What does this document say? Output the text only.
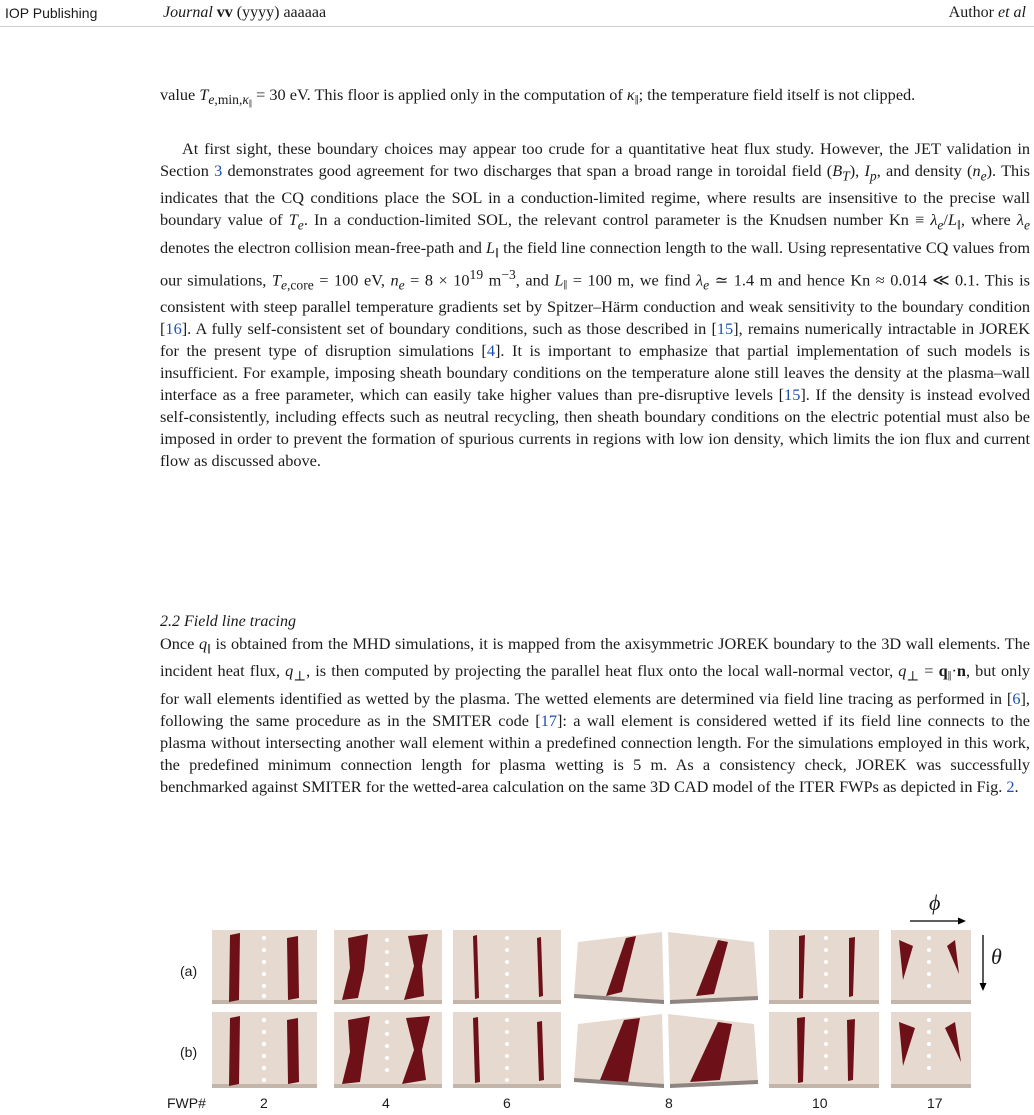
IOP Publishing	Journal vv (yyyy) aaaaaa	Author et al

value $T_{e,min,\kappa_‖} = 30$ eV. This floor is applied only in the computation of $\kappa_‖$; the temperature field itself is not clipped.

At first sight, these boundary choices may appear too crude for a quantitative heat flux study. However, the JET validation in Section 3 demonstrates good agreement for two discharges that span a broad range in toroidal field $(B_T)$, $I_p$, and density $(n_e)$. This indicates that the CQ conditions place the SOL in a conduction-limited regime, where results are insensitive to the precise wall boundary value of $T_e$. In a conduction-limited SOL, the relevant control parameter is the Knudsen number $Kn \equiv \lambda_e/L_‖$, where $\lambda_e$ denotes the electron collision mean-free-path and $L_‖$ the field line connection length to the wall. Using representative CQ values from our simulations, $T_{e,core} = 100$ eV, $n_e = 8 \times 10^{19}$ $m^{-3}$, and $L_‖ = 100$ m, we find $\lambda_e$ ≃ 1.4 m and hence Kn ≈ 0.014 ≪ 0.1. This is consistent with steep parallel temperature gradients set by Spitzer–Härm conduction and weak sensitivity to the boundary condition [16]. A fully self-consistent set of boundary conditions, such as those described in [15], remains numerically intractable in JOREK for the present type of disruption simulations [4]. It is important to emphasize that partial implementation of such models is insufficient. For example, imposing sheath boundary conditions on the temperature alone still leaves the density at the plasma–wall interface as a free parameter, which can easily take higher values than pre-disruptive levels [15]. If the density is instead evolved self-consistently, including effects such as neutral recycling, then sheath boundary conditions on the electric potential must also be imposed in order to prevent the formation of spurious currents in regions with low ion density, which limits the ion flux and current flow as discussed above.

2.2 Field line tracing

Once $q_‖$ is obtained from the MHD simulations, it is mapped from the axisymmetric JOREK boundary to the 3D wall elements. The incident heat flux, $q_\perp$, is then computed by projecting the parallel heat flux onto the local wall-normal vector, $q_\perp = q_‖\cdot n$, but only for wall elements identified as wetted by the plasma. The wetted elements are determined via field line tracing as performed in [6], following the same procedure as in the SMITER code [17]: a wall element is considered wetted if its field line connects to the plasma without intersecting another wall element within a predefined connection length. For the simulations employed in this work, the predefined minimum connection length for plasma wetting is 5 m. As a consistency check, JOREK was successfully benchmarked against SMITER for the wetted-area calculation on the same 3D CAD model of the ITER FWPs as depicted in Fig. 2.

(a)
(b)
FWP#	2	4	6	8	10	17
ϕ
θ
